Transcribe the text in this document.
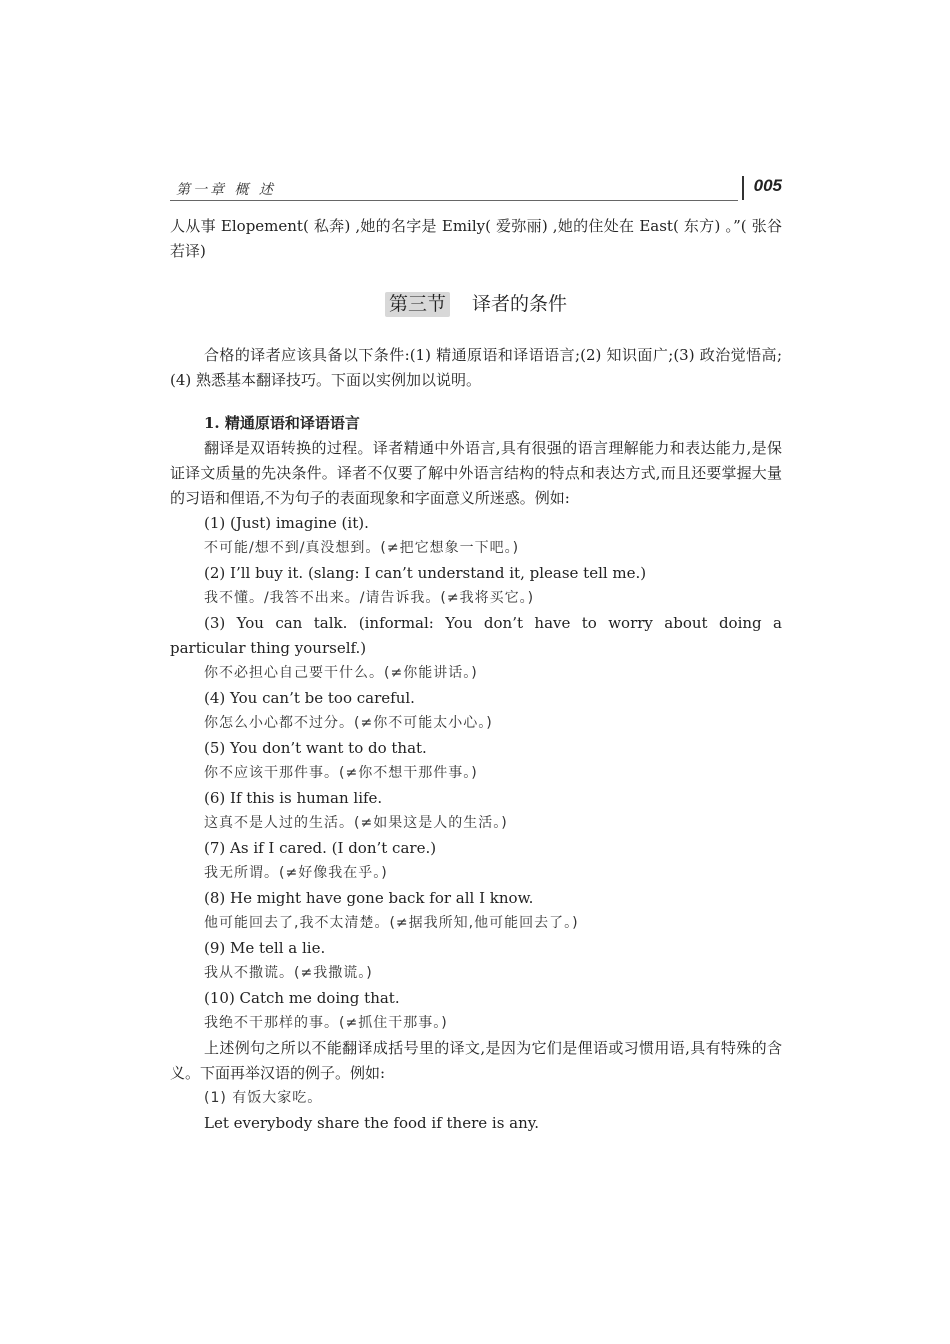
第一章 概 述	005

人从事 Elopement( 私奔) ,她的名字是 Emily( 爱弥丽) ,她的住处在 East( 东方) 。”( 张谷若译)

第三节 译者的条件

合格的译者应该具备以下条件:(1) 精通原语和译语语言;(2) 知识面广;(3) 政治觉悟高;(4) 熟悉基本翻译技巧。下面以实例加以说明。

1. 精通原语和译语语言

翻译是双语转换的过程。译者精通中外语言,具有很强的语言理解能力和表达能力,是保证译文质量的先决条件。译者不仅要了解中外语言结构的特点和表达方式,而且还要掌握大量的习语和俚语,不为句子的表面现象和字面意义所迷惑。例如:

(1) (Just) imagine (it).

不可能/想不到/真没想到。(≠把它想象一下吧。)

(2) I’ll buy it. (slang: I can’t understand it, please tell me.)

我不懂。/我答不出来。/请告诉我。(≠我将买它。)

(3) You can talk. (informal: You don’t have to worry about doing a particular thing yourself.)

你不必担心自己要干什么。(≠你能讲话。)

(4) You can’t be too careful.

你怎么小心都不过分。(≠你不可能太小心。)

(5) You don’t want to do that.

你不应该干那件事。(≠你不想干那件事。)

(6) If this is human life.

这真不是人过的生活。(≠如果这是人的生活。)

(7) As if I cared. (I don’t care.)

我无所谓。(≠好像我在乎。)

(8) He might have gone back for all I know.

他可能回去了,我不太清楚。(≠据我所知,他可能回去了。)

(9) Me tell a lie.

我从不撒谎。(≠我撒谎。)

(10) Catch me doing that.

我绝不干那样的事。(≠抓住干那事。)

上述例句之所以不能翻译成括号里的译文,是因为它们是俚语或习惯用语,具有特殊的含义。下面再举汉语的例子。例如:

(1) 有饭大家吃。

Let everybody share the food if there is any.
